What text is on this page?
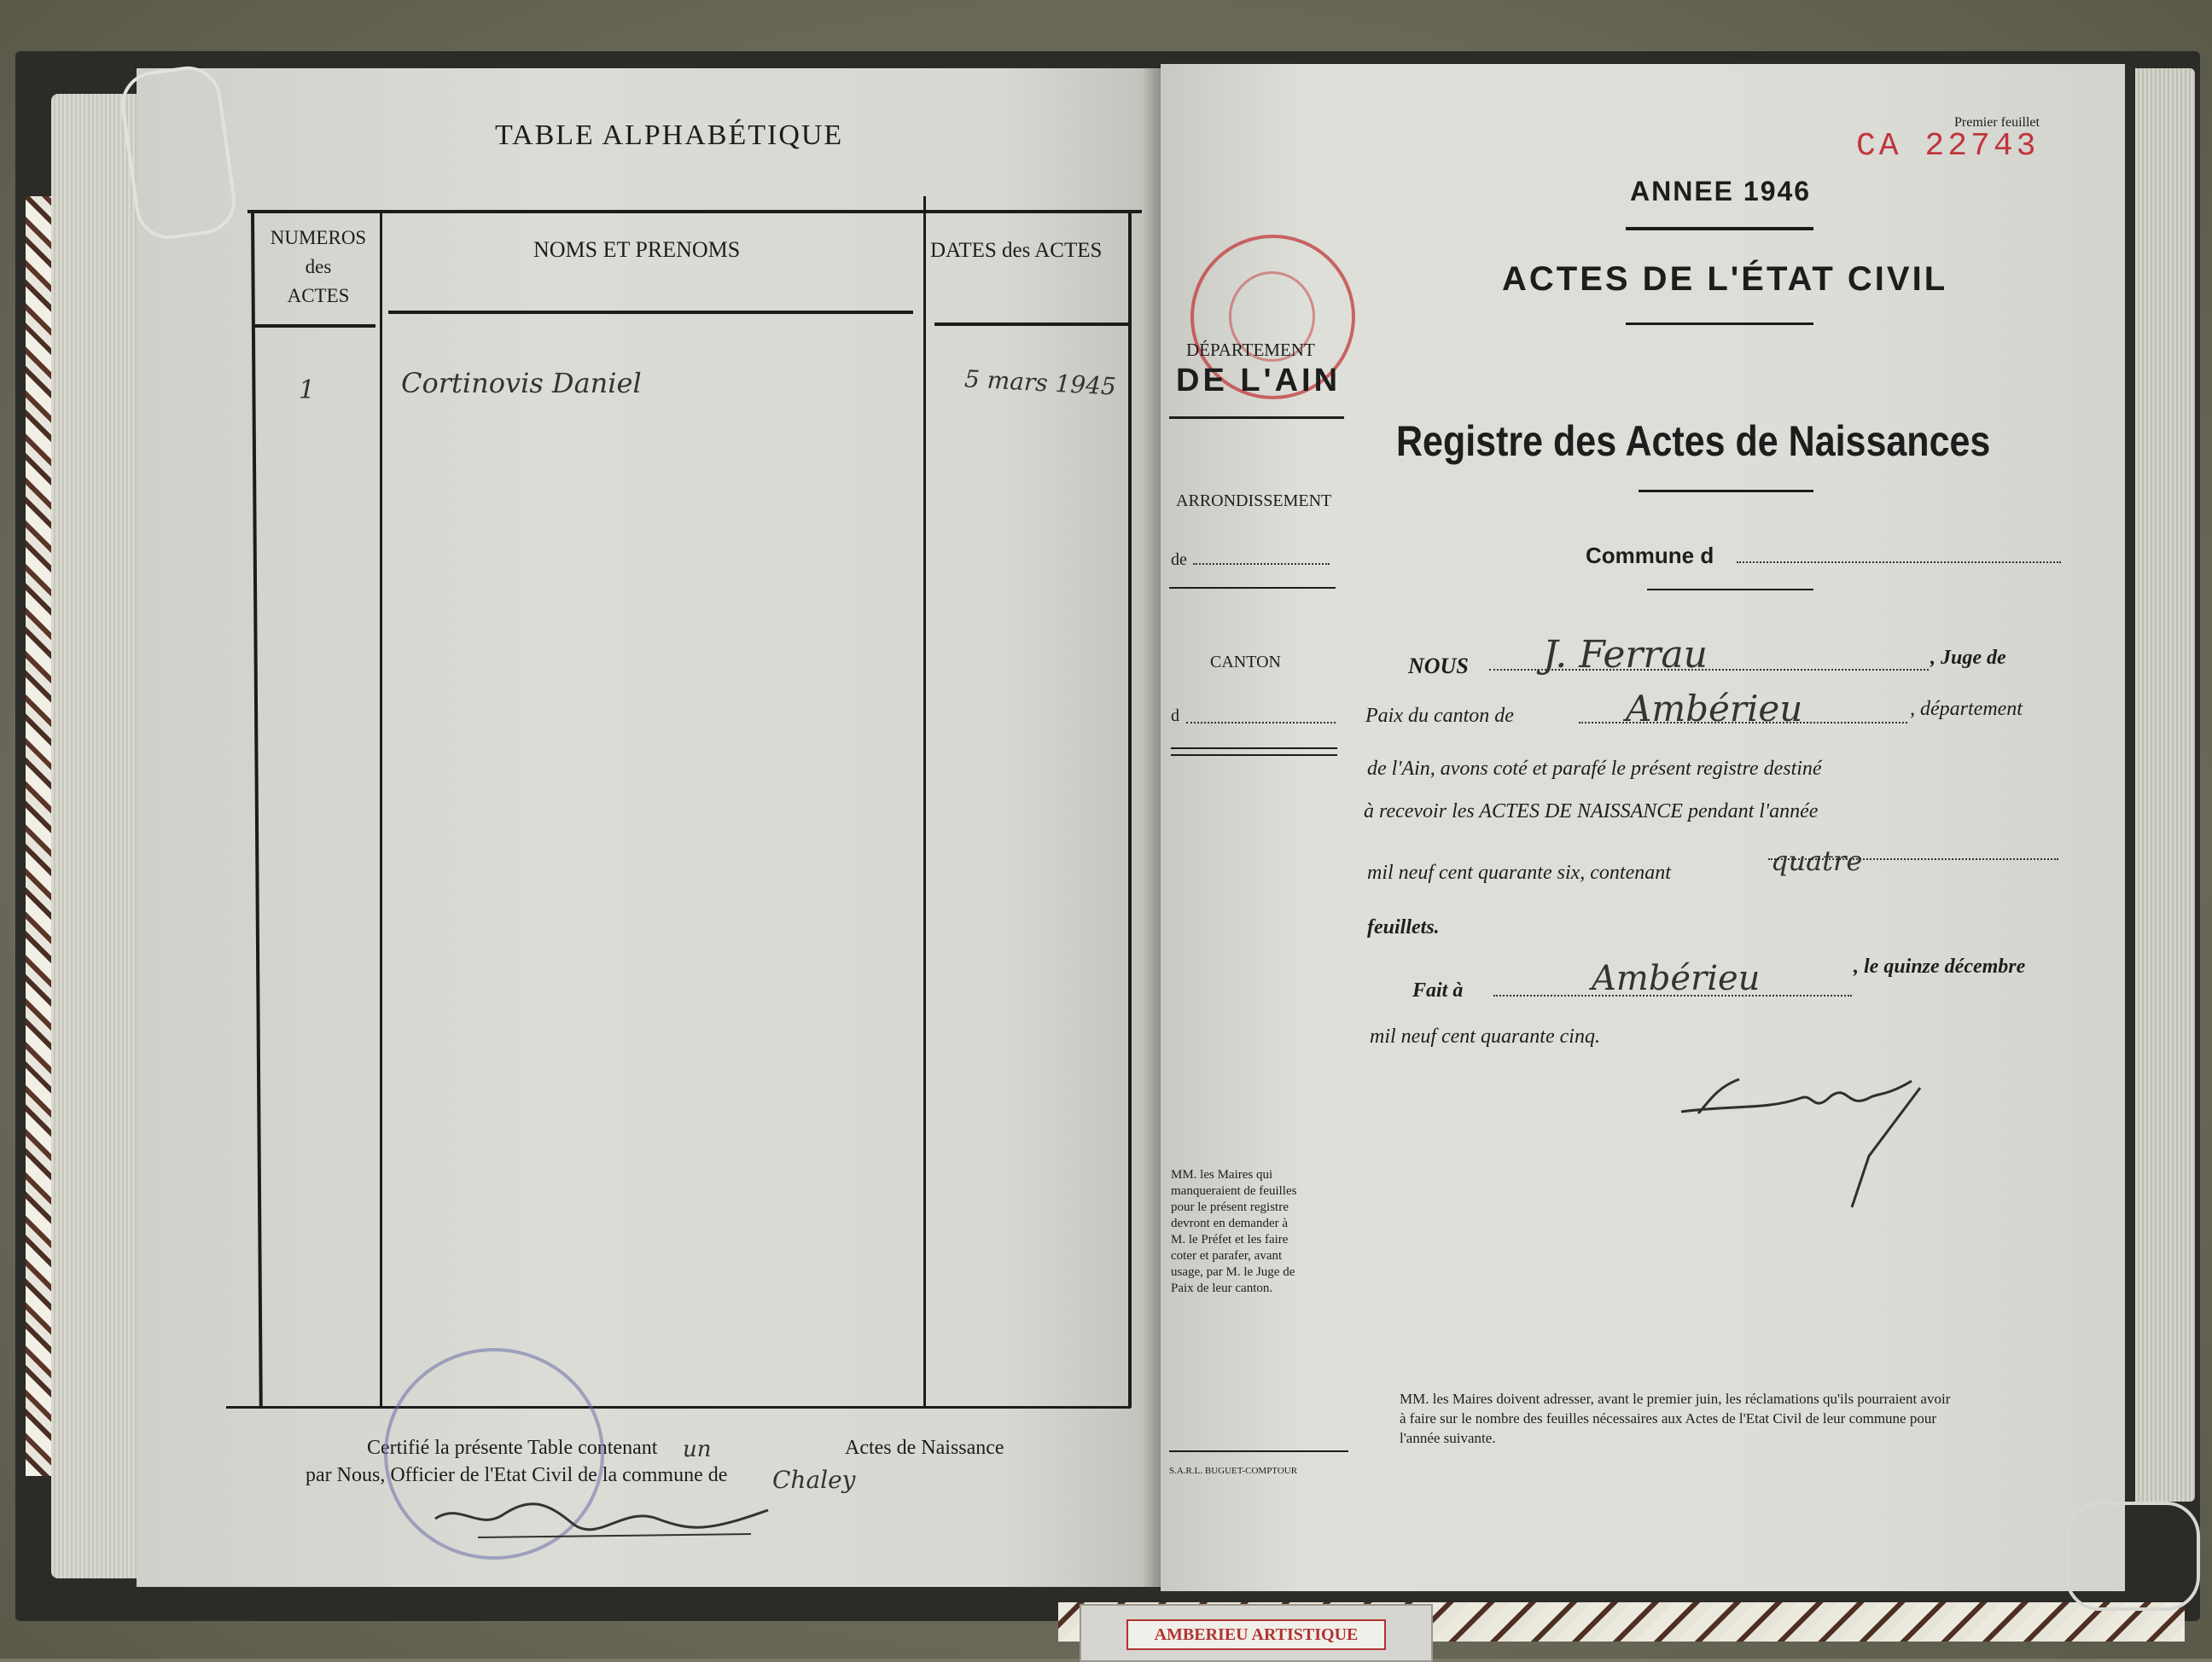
TABLE ALPHABÉTIQUE
NUMEROS
des
ACTES
NOMS ET PRENOMS	DATES des ACTES
1	Cortinovis Daniel	5 mars 1945
Certifié la présente Table contenant un	Actes de Naissance
par Nous, Officier de l'Etat Civil de la commune de Chaley
Premier feuillet
CA 22743
ANNEE 1946
ACTES DE L'ÉTAT CIVIL
Registre des Actes de Naissances
DÉPARTEMENT
DE L'AIN
ARRONDISSEMENT
de
CANTON
d
MM. les Maires qui
manqueraient de feuilles
pour le présent registre
devront en demander à
M. le Préfet et les faire
coter et parafer, avant
usage, par M. le Juge de
Paix de leur canton.
S.A.R.L. BUGUET-COMPTOUR
Commune d
NOUS J. Ferrau	, Juge de
Paix du canton de	Ambérieu	, département
de l'Ain, avons coté et parafé le présent registre destiné
à recevoir les ACTES DE NAISSANCE pendant l'année
mil neuf cent quarante six, contenant	quatre
feuillets.
Fait à	Ambérieu	, le quinze décembre
mil neuf cent quarante cinq.
MM. les Maires doivent adresser, avant le premier juin, les réclamations qu'ils pourraient avoir
à faire sur le nombre des feuilles nécessaires aux Actes de l'Etat Civil de leur commune pour
l'année suivante.
AMBERIEU ARTISTIQUE
